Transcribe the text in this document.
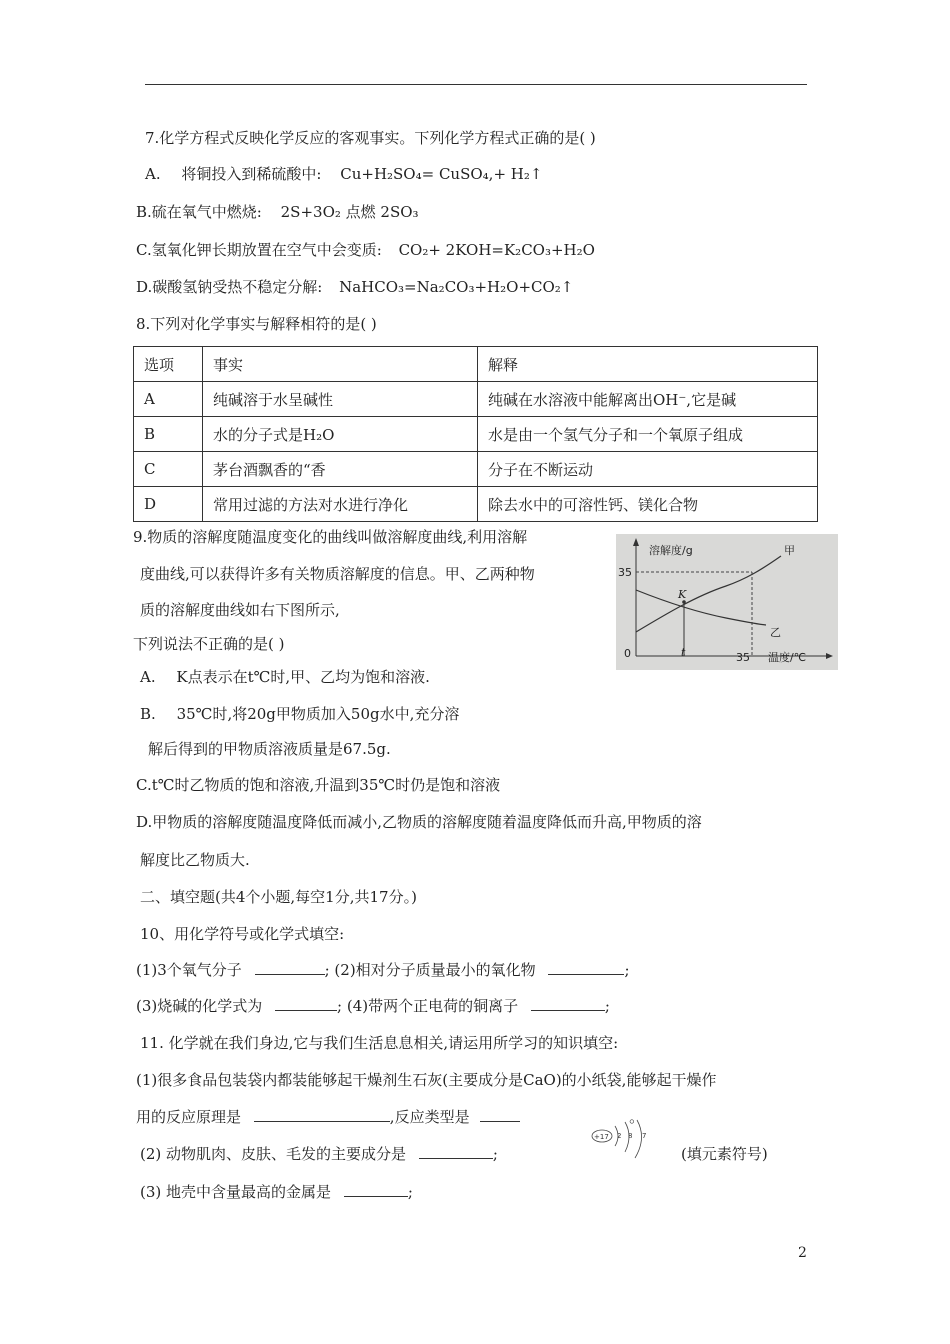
7.化学方程式反映化学反应的客观事实。下列化学方程式正确的是( )
A. 将铜投入到稀硫酸中: Cu+H₂SO₄= CuSO₄,+ H₂↑
B.硫在氧气中燃烧: 2S+3O₂ 点燃 2SO₃
C.氢氧化钾长期放置在空气中会变质: CO₂+ 2KOH=K₂CO₃+H₂O
D.碳酸氢钠受热不稳定分解: NaHCO₃=Na₂CO₃+H₂O+CO₂↑
8.下列对化学事实与解释相符的是( )
选项	事实	解释
A	纯碱溶于水呈碱性	纯碱在水溶液中能解离出OH⁻,它是碱
B	水的分子式是H₂O	水是由一个氢气分子和一个氧原子组成
C	茅台酒飘香的“香	分子在不断运动
D	常用过滤的方法对水进行净化	除去水中的可溶性钙、镁化合物
9.物质的溶解度随温度变化的曲线叫做溶解度曲线,利用溶解
度曲线,可以获得许多有关物质溶解度的信息。甲、乙两种物
质的溶解度曲线如右下图所示,
下列说法不正确的是( )
溶解度/g
35
0	t	35 温度/℃
K
甲
乙
A. K点表示在t℃时,甲、乙均为饱和溶液.
B. 35℃时,将20g甲物质加入50g水中,充分溶
解后得到的甲物质溶液质量是67.5g.
C.t℃时乙物质的饱和溶液,升温到35℃时仍是饱和溶液
D.甲物质的溶解度随温度降低而减小,乙物质的溶解度随着温度降低而升高,甲物质的溶
解度比乙物质大.
二、填空题(共4个小题,每空1分,共17分。)
10、用化学符号或化学式填空:
(1)3个氧气分子	; (2)相对分子质量最小的氧化物	;
(3)烧碱的化学式为	; (4)带两个正电荷的铜离子	;
11. 化学就在我们身边,它与我们生活息息相关,请运用所学习的知识填空:
(1)很多食品包装袋内都装能够起干燥剂生石灰(主要成分是CaO)的小纸袋,能够起干燥作
用的反应原理是	,反应类型是	。
(2) 动物肌肉、皮肤、毛发的主要成分是	;	(填元素符号)
(3) 地壳中含量最高的金属是	;
+17 2 8 7
2
